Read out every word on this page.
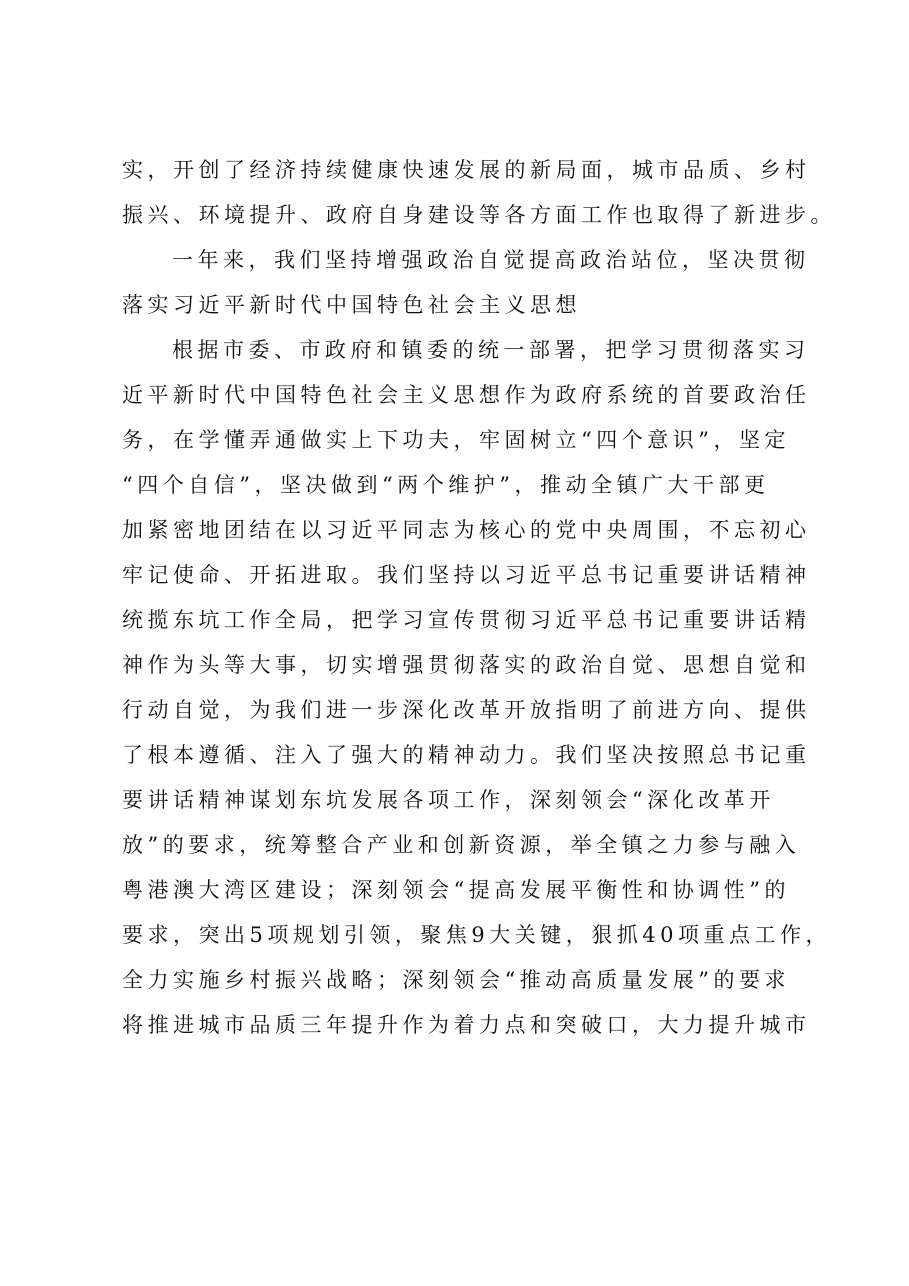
实，开创了经济持续健康快速发展的新局面，城市品质、乡村
振兴、环境提升、政府自身建设等各方面工作也取得了新进步。
一年来，我们坚持增强政治自觉提高政治站位，坚决贯彻
落实习近平新时代中国特色社会主义思想
根据市委、市政府和镇委的统一部署，把学习贯彻落实习
近平新时代中国特色社会主义思想作为政府系统的首要政治任
务，在学懂弄通做实上下功夫，牢固树立“四个意识”，坚定
“四个自信”，坚决做到“两个维护”，推动全镇广大干部更
加紧密地团结在以习近平同志为核心的党中央周围，不忘初心
牢记使命、开拓进取。我们坚持以习近平总书记重要讲话精神
统揽东坑工作全局，把学习宣传贯彻习近平总书记重要讲话精
神作为头等大事，切实增强贯彻落实的政治自觉、思想自觉和
行动自觉，为我们进一步深化改革开放指明了前进方向、提供
了根本遵循、注入了强大的精神动力。我们坚决按照总书记重
要讲话精神谋划东坑发展各项工作，深刻领会“深化改革开
放”的要求，统筹整合产业和创新资源，举全镇之力参与融入
粤港澳大湾区建设；深刻领会“提高发展平衡性和协调性”的
要求，突出5项规划引领，聚焦9大关键，狠抓40项重点工作，
全力实施乡村振兴战略；深刻领会“推动高质量发展”的要求
将推进城市品质三年提升作为着力点和突破口，大力提升城市
